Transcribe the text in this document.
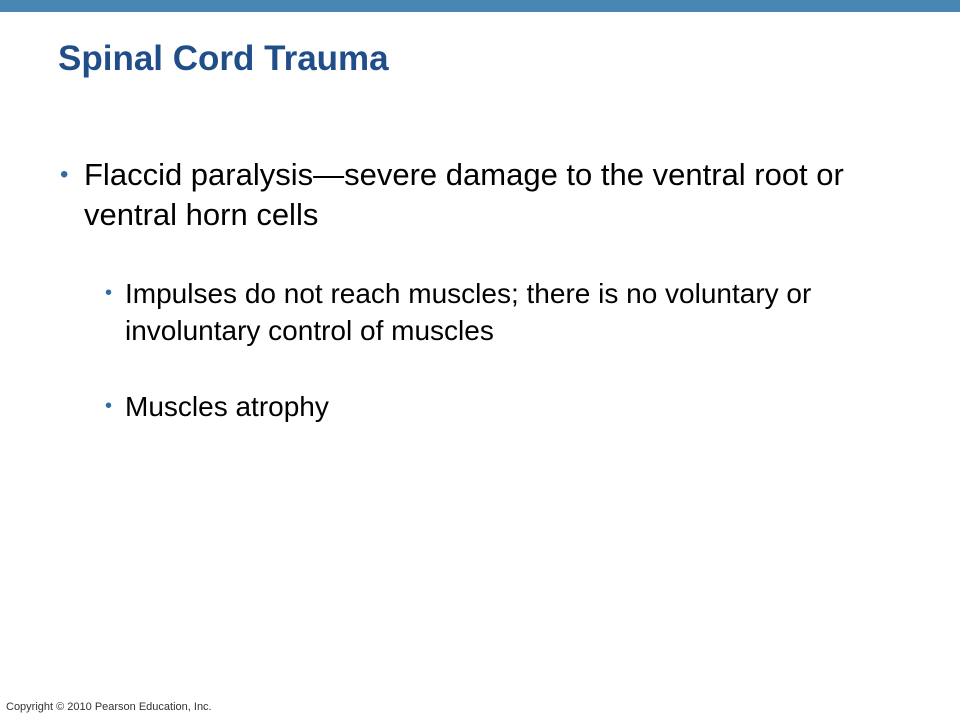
Spinal Cord Trauma
• Flaccid paralysis—severe damage to the ventral root or ventral horn cells
• Impulses do not reach muscles; there is no voluntary or involuntary control of muscles
• Muscles atrophy
Copyright © 2010 Pearson Education, Inc.
